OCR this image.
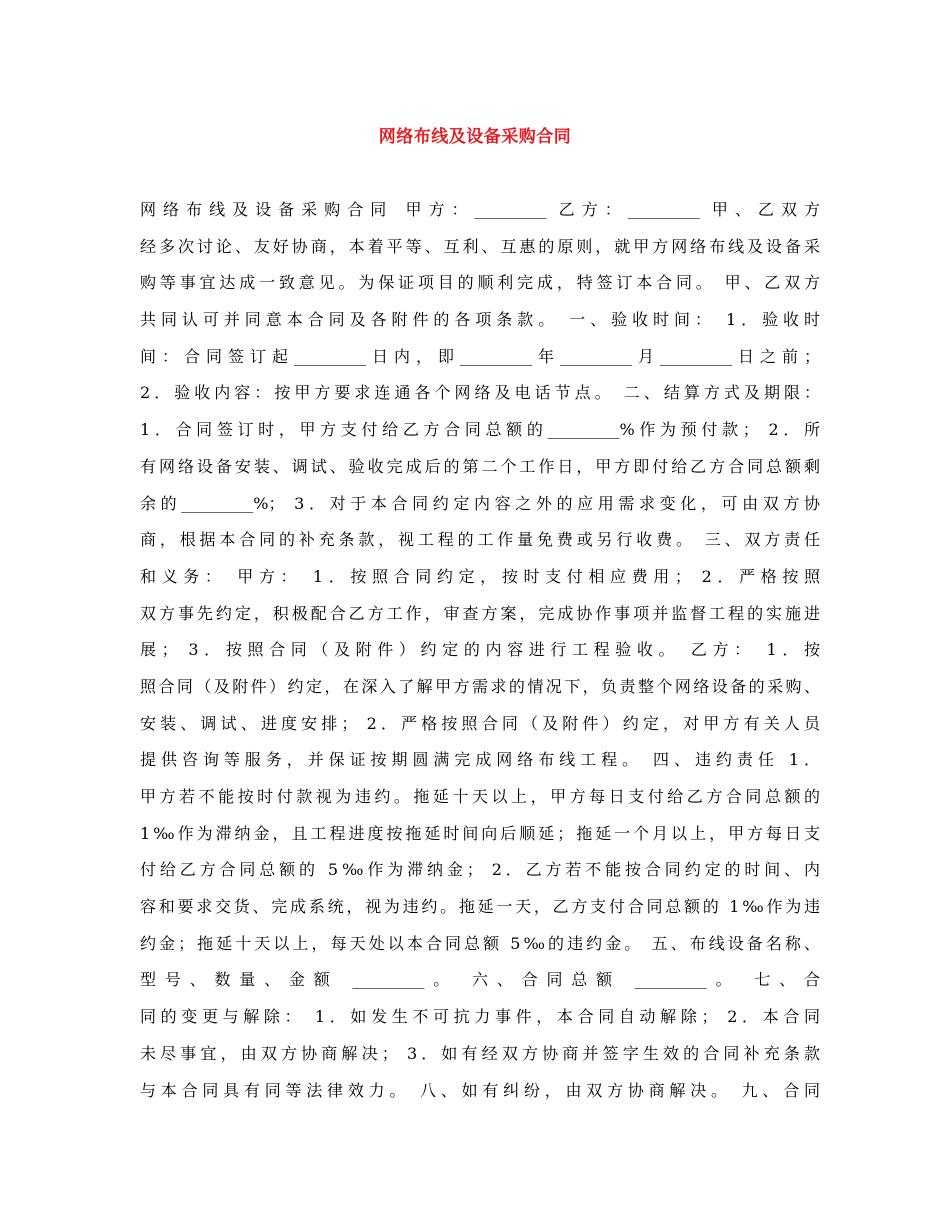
网络布线及设备采购合同
网络布线及设备采购合同 甲方：_________ 乙方：_________ 甲、乙双方
经多次讨论、友好协商，本着平等、互利、互惠的原则，就甲方网络布线及设备采
购等事宜达成一致意见。为保证项目的顺利完成，特签订本合同。 甲、乙双方
共同认可并同意本合同及各附件的各项条款。 一、验收时间： 1．验收时
间：合同签订起_________日内，即_________年_________月_________日之前；
2．验收内容：按甲方要求连通各个网络及电话节点。 二、结算方式及期限：
1．合同签订时，甲方支付给乙方合同总额的_________%作为预付款； 2．所
有网络设备安装、调试、验收完成后的第二个工作日，甲方即付给乙方合同总额剩
余的_________%； 3．对于本合同约定内容之外的应用需求变化，可由双方协
商，根据本合同的补充条款，视工程的工作量免费或另行收费。 三、双方责任
和义务： 甲方： 1．按照合同约定，按时支付相应费用； 2．严格按照
双方事先约定，积极配合乙方工作，审查方案，完成协作事项并监督工程的实施进
展； 3．按照合同（及附件）约定的内容进行工程验收。 乙方： 1．按
照合同（及附件）约定，在深入了解甲方需求的情况下，负责整个网络设备的采购、
安装、调试、进度安排； 2．严格按照合同（及附件）约定，对甲方有关人员
提供咨询等服务，并保证按期圆满完成网络布线工程。 四、违约责任 1．
甲方若不能按时付款视为违约。拖延十天以上，甲方每日支付给乙方合同总额的
1‰作为滞纳金，且工程进度按拖延时间向后顺延；拖延一个月以上，甲方每日支
付给乙方合同总额的 5‰作为滞纳金； 2．乙方若不能按合同约定的时间、内
容和要求交货、完成系统，视为违约。拖延一天，乙方支付合同总额的 1‰作为违
约金；拖延十天以上，每天处以本合同总额 5‰的违约金。 五、布线设备名称、
型号、数量、金额 _________。 六、合同总额 _________。 七、合
同的变更与解除： 1．如发生不可抗力事件，本合同自动解除； 2．本合同
未尽事宜，由双方协商解决； 3．如有经双方协商并签字生效的合同补充条款
与本合同具有同等法律效力。 八、如有纠纷，由双方协商解决。 九、合同
